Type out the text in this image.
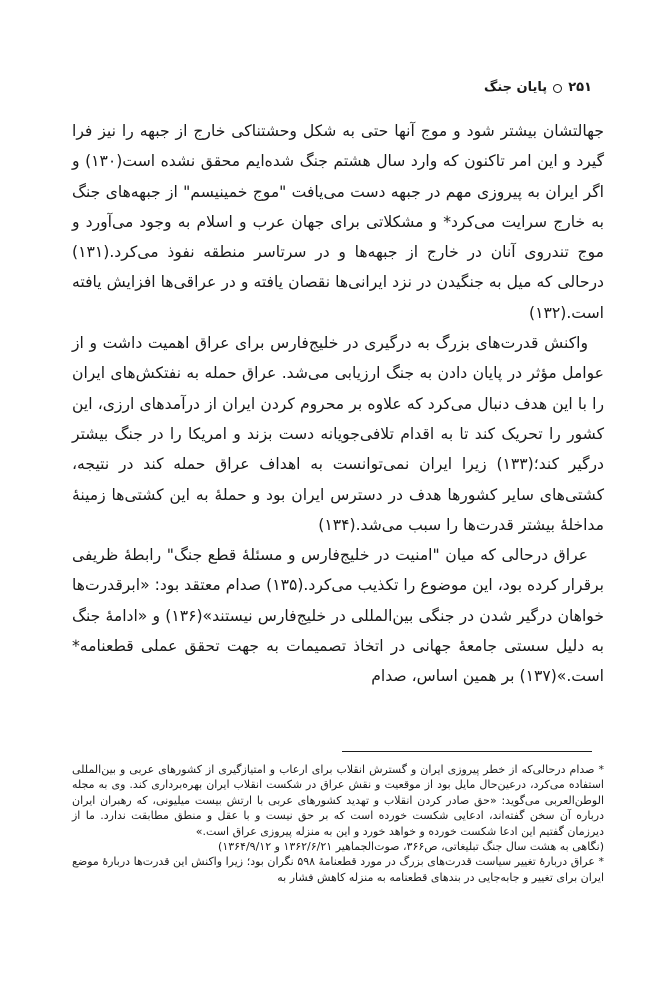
۲۵۱
پایان جنگ

جهالتشان بیشتر شود و موج آنها حتی به شکل وحشتناکی خارج از جبهه را نیز فرا گیرد و این امر تاکنون که وارد سال هشتم جنگ شده‌ایم محقق نشده است(۱۳۰) و اگر ایران به پیروزی مهم در جبهه دست می‌یافت "موج خمینیسم" از جبهه‌های جنگ به خارج سرایت می‌کرد* و مشکلاتی برای جهان عرب و اسلام به وجود می‌آورد و موج تندروی آنان در خارج از جبهه‌ها و در سرتاسر منطقه نفوذ می‌کرد.(۱۳۱) درحالی که میل به جنگیدن در نزد ایرانی‌ها نقصان یافته و در عراقی‌ها افزایش یافته است.(۱۳۲)

واکنش قدرت‌های بزرگ به درگیری در خلیج‌فارس برای عراق اهمیت داشت و از عوامل مؤثر در پایان دادن به جنگ ارزیابی می‌شد. عراق حمله به نفتکش‌های ایران را با این هدف دنبال می‌کرد که علاوه بر محروم کردن ایران از درآمدهای ارزی، این کشور را تحریک کند تا به اقدام تلافی‌جویانه دست بزند و امریکا را در جنگ بیشتر درگیر کند؛(۱۳۳) زیرا ایران نمی‌توانست به اهداف عراق حمله کند در نتیجه، کشتی‌های سایر کشورها هدف در دسترس ایران بود و حملهٔ به این کشتی‌ها زمینهٔ مداخلهٔ بیشتر قدرت‌ها را سبب می‌شد.(۱۳۴)

عراق درحالی که میان "امنیت در خلیج‌فارس و مسئلهٔ قطع جنگ" رابطهٔ ظریفی برقرار کرده بود، این موضوع را تکذیب می‌کرد.(۱۳۵) صدام معتقد بود: «ابرقدرت‌ها خواهان درگیر شدن در جنگی بین‌المللی در خلیج‌فارس نیستند»(۱۳۶) و «ادامهٔ جنگ به دلیل سستی جامعهٔ جهانی در اتخاذ تصمیمات به جهت تحقق عملی قطعنامه* است.»(۱۳۷) بر همین اساس، صدام

* صدام درحالی‌که از خطر پیروزی ایران و گسترش انقلاب برای ارعاب و امتیازگیری از کشورهای عربی و بین‌المللی استفاده می‌کرد، درعین‌حال مایل بود از موقعیت و نقش عراق در شکست انقلاب ایران بهره‌برداری کند. وی به مجله الوطن‌العربی می‌گوید: «حق صادر کردن انقلاب و تهدید کشورهای عربی با ارتش بیست میلیونی، که رهبران ایران درباره آن سخن گفته‌اند، ادعایی شکست خورده است که بر حق نیست و با عقل و منطق مطابقت ندارد. ما از دیرزمان گفتیم این ادعا شکست خورده و خواهد خورد و این به منزله پیروزی عراق است.»

(نگاهی به هشت سال جنگ تبلیغاتی، ص۳۶۶، صوت‌الجماهیر ۱۳۶۲/۶/۲۱ و ۱۳۶۴/۹/۱۲)

* عراق دربارهٔ تغییر سیاست قدرت‌های بزرگ در مورد قطعنامهٔ ۵۹۸ نگران بود؛ زیرا واکنش این قدرت‌ها دربارهٔ موضع ایران برای تغییر و جابه‌جایی در بندهای قطعنامه به منزله کاهش فشار به
